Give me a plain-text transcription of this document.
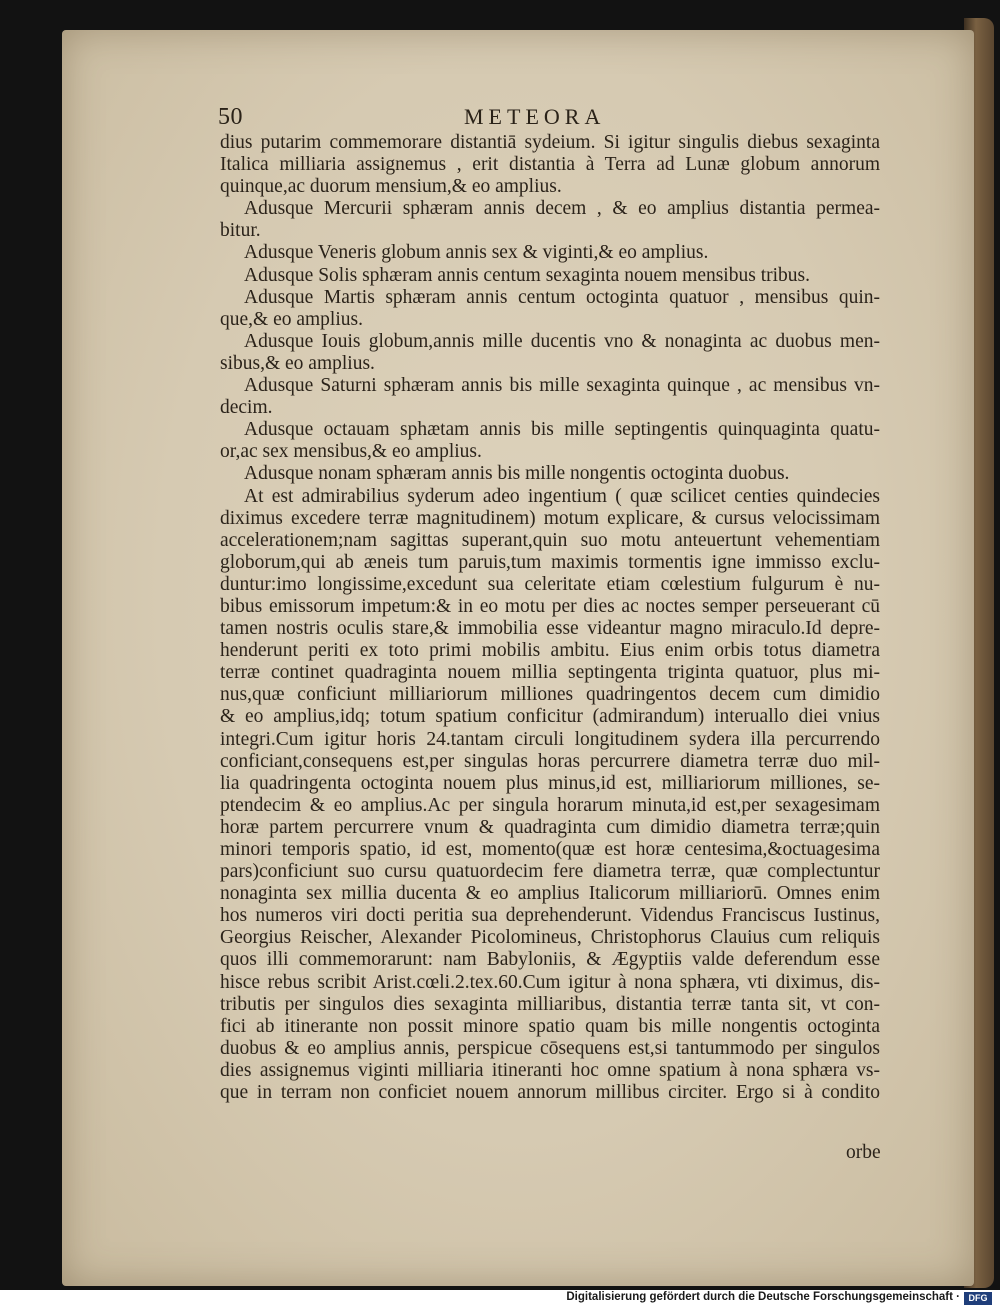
50	METEORA
dius putarim commemorare distantiā sydeium. Si igitur singulis diebus sexaginta
Italica milliaria assignemus , erit distantia à Terra ad Lunæ globum annorum
quinque,ac duorum mensium,& eo amplius.
Adusque Mercurii sphæram annis decem , & eo amplius distantia permea-
bitur.
Adusque Veneris globum annis sex & viginti,& eo amplius.
Adusque Solis sphæram annis centum sexaginta nouem mensibus tribus.
Adusque Martis sphæram annis centum octoginta quatuor , mensibus quin-
que,& eo amplius.
Adusque Iouis globum,annis mille ducentis vno & nonaginta ac duobus men-
sibus,& eo amplius.
Adusque Saturni sphæram annis bis mille sexaginta quinque , ac mensibus vn-
decim.
Adusque octauam sphætam annis bis mille septingentis quinquaginta quatu-
or,ac sex mensibus,& eo amplius.
Adusque nonam sphæram annis bis mille nongentis octoginta duobus.
At est admirabilius syderum adeo ingentium ( quæ scilicet centies quindecies
diximus excedere terræ magnitudinem) motum explicare, & cursus velocissimam
accelerationem;nam sagittas superant,quin suo motu anteuertunt vehementiam
globorum,qui ab æneis tum paruis,tum maximis tormentis igne immisso exclu-
duntur:imo longissime,excedunt sua celeritate etiam cœlestium fulgurum è nu-
bibus emissorum impetum:& in eo motu per dies ac noctes semper perseuerant cū
tamen nostris oculis stare,& immobilia esse videantur magno miraculo.Id depre-
henderunt periti ex toto primi mobilis ambitu. Eius enim orbis totus diametra
terræ continet quadraginta nouem millia septingenta triginta quatuor, plus mi-
nus,quæ conficiunt milliariorum milliones quadringentos decem cum dimidio
& eo amplius,idq; totum spatium conficitur (admirandum) interuallo diei vnius
integri.Cum igitur horis 24.tantam circuli longitudinem sydera illa percurrendo
conficiant,consequens est,per singulas horas percurrere diametra terræ duo mil-
lia quadringenta octoginta nouem plus minus,id est, milliariorum milliones, se-
ptendecim & eo amplius.Ac per singula horarum minuta,id est,per sexagesimam
horæ partem percurrere vnum & quadraginta cum dimidio diametra terræ;quin
minori temporis spatio, id est, momento(quæ est horæ centesima,&octuagesima
pars)conficiunt suo cursu quatuordecim fere diametra terræ, quæ complectuntur
nonaginta sex millia ducenta & eo amplius Italicorum milliariorū. Omnes enim
hos numeros viri docti peritia sua deprehenderunt. Videndus Franciscus Iustinus,
Georgius Reischer, Alexander Picolomineus, Christophorus Clauius cum reliquis
quos illi commemorarunt: nam Babyloniis, & Ægyptiis valde deferendum esse
hisce rebus scribit Arist.cœli.2.tex.60.Cum igitur à nona sphæra, vti diximus, dis-
tributis per singulos dies sexaginta milliaribus, distantia terræ tanta sit, vt con-
fici ab itinerante non possit minore spatio quam bis mille nongentis octoginta
duobus & eo amplius annis, perspicue cōsequens est,si tantummodo per singulos
dies assignemus viginti milliaria itineranti hoc omne spatium à nona sphæra vs-
que in terram non conficiet nouem annorum millibus circiter. Ergo si à condito
orbe
Digitalisierung gefördert durch die Deutsche Forschungsgemeinschaft · DFG
